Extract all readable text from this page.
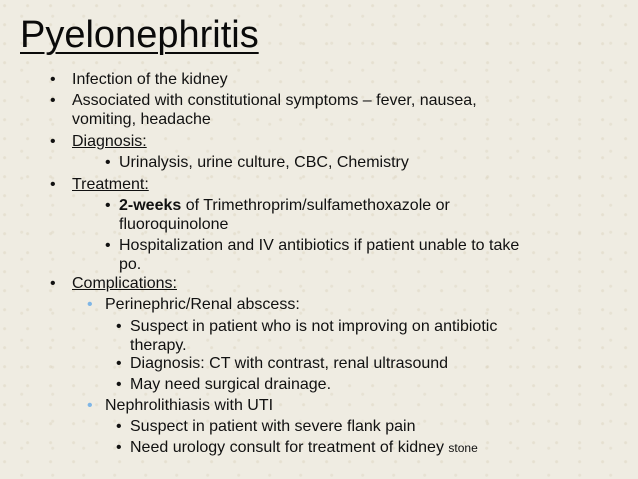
Pyelonephritis
• Infection of the kidney
• Associated with constitutional symptoms – fever, nausea,
vomiting, headache
• Diagnosis:
• Urinalysis, urine culture, CBC, Chemistry
• Treatment:
• 2-weeks of Trimethroprim/sulfamethoxazole or
fluoroquinolone
• Hospitalization and IV antibiotics if patient unable to take
po.
• Complications:
• Perinephric/Renal abscess:
• Suspect in patient who is not improving on antibiotic
therapy.
• Diagnosis: CT with contrast, renal ultrasound
• May need surgical drainage.
• Nephrolithiasis with UTI
• Suspect in patient with severe flank pain
• Need urology consult for treatment of kidney stone
